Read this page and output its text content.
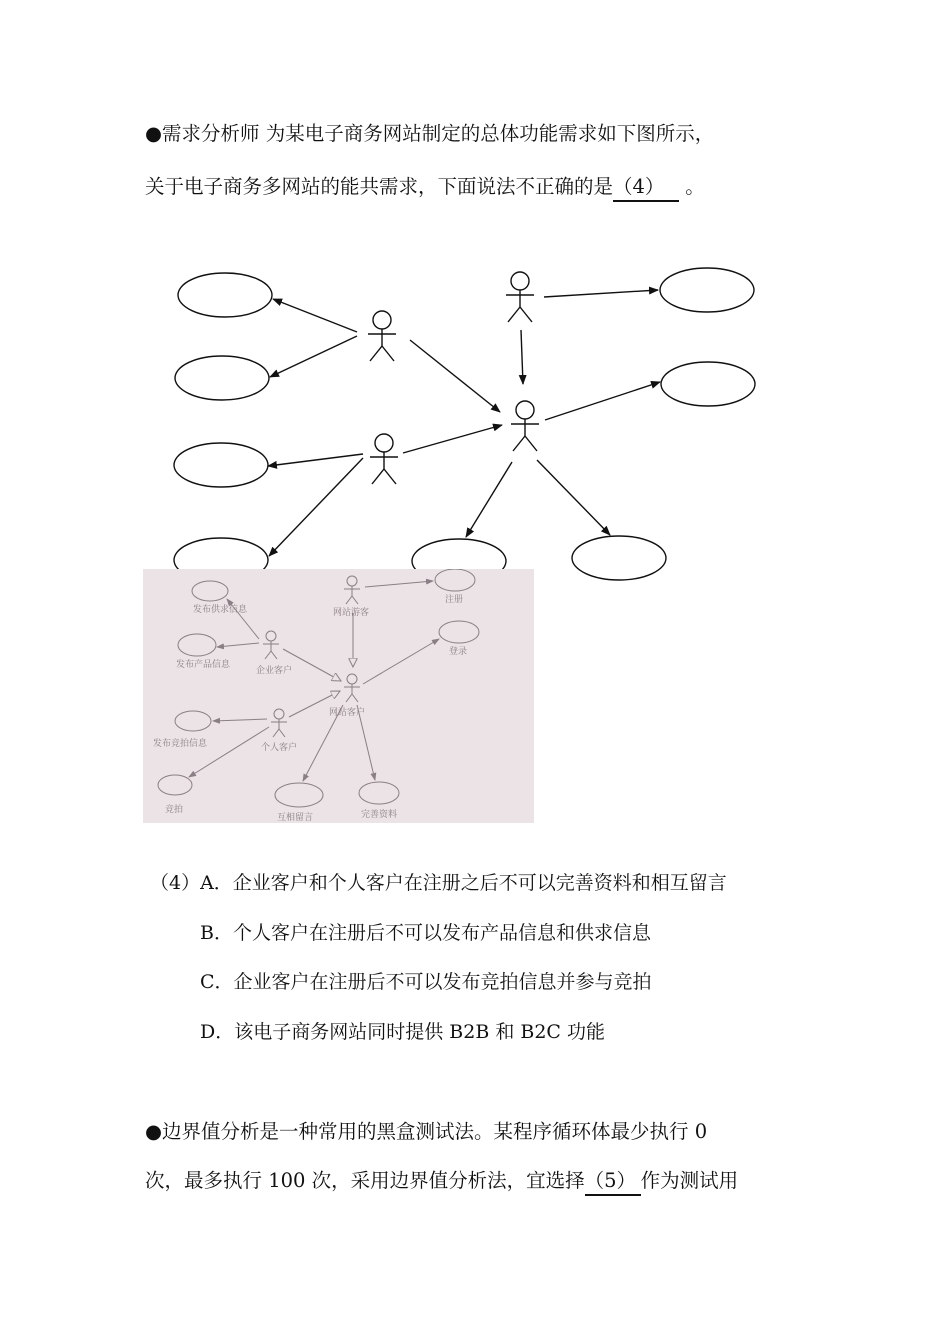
●需求分析师 为某电子商务网站制定的总体功能需求如下图所示，
关于电子商务多网站的能共需求，下面说法不正确的是（4） 。
发布供求信息
发布产品信息
发布竞拍信息
竞拍
网站游客
注册
企业客户
登录
网站客户
个人客户
互相留言	完善资料
（4）A．企业客户和个人客户在注册之后不可以完善资料和相互留言
B．个人客户在注册后不可以发布产品信息和供求信息
C．企业客户在注册后不可以发布竞拍信息并参与竞拍
D．该电子商务网站同时提供 B2B 和 B2C 功能
●边界值分析是一种常用的黑盒测试法。某程序循环体最少执行 0
次，最多执行 100 次，采用边界值分析法，宜选择（5） 作为测试用
